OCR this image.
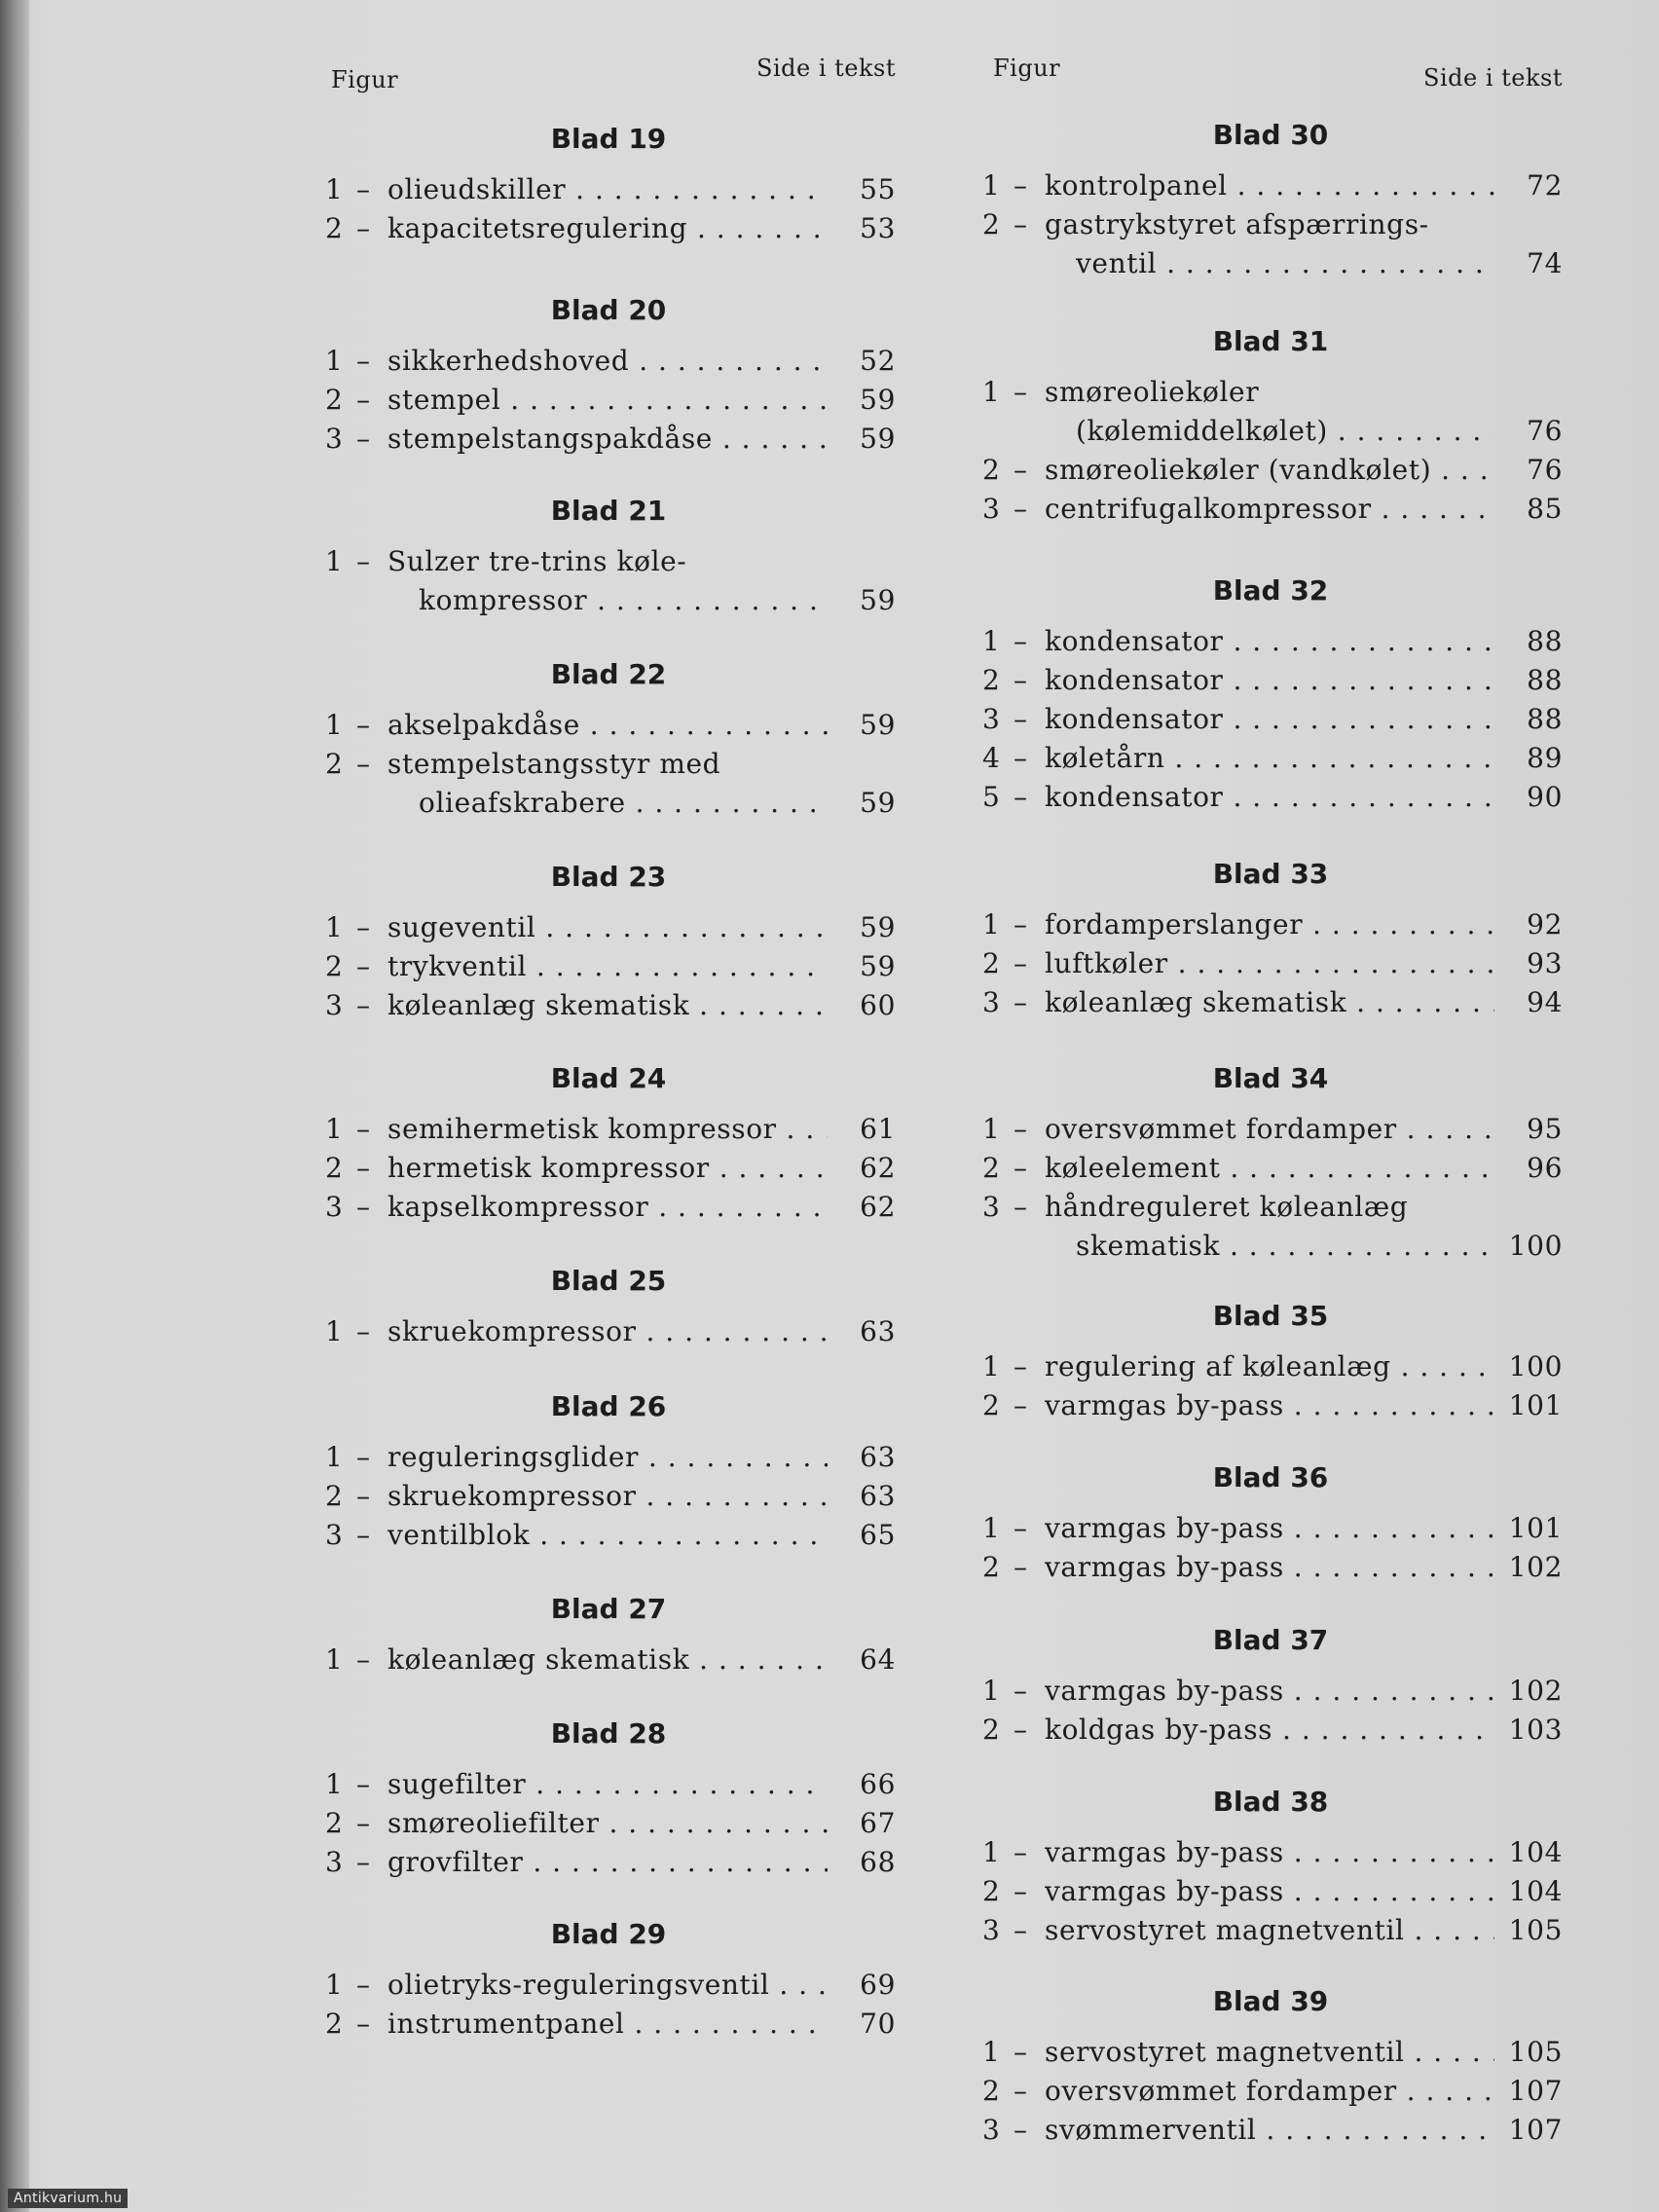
Figur	Side i tekst
Blad 19
1 – olieudskiller . . .	55
2 – kapacitetsregulering . . .	53
Blad 20
1 – sikkerhedshoved . . .	52
2 – stempel . . .	59
3 – stempelstangspakdåse . . .	59
Blad 21
1 – Sulzer tre-trins køle-
kompressor . . .	59
Blad 22
1 – akselpakdåse . . .	59
2 – stempelstangsstyr med
olieafskrabere . . .	59
Blad 23
1 – sugeventil . . .	59
2 – trykventil . . .	59
3 – køleanlæg skematisk . . .	60
Blad 24
1 – semihermetisk kompressor . . .	61
2 – hermetisk kompressor . . .	62
3 – kapselkompressor . . .	62
Blad 25
1 – skruekompressor . . .	63
Blad 26
1 – reguleringsglider . . .	63
2 – skruekompressor . . .	63
3 – ventilblok . . .	65
Blad 27
1 – køleanlæg skematisk . . .	64
Blad 28
1 – sugefilter . . .	66
2 – smøreoliefilter . . .	67
3 – grovfilter . . .	68
Blad 29
1 – olietryks-reguleringsventil . . .	69
2 – instrumentpanel . . .	70
Figur	Side i tekst
Blad 30
1 – kontrolpanel . . .	72
2 – gastrykstyret afspærrings-
ventil . . .	74
Blad 31
1 – smøreoliekøler
(kølemiddelkølet) . . .	76
2 – smøreoliekøler (vandkølet) . . .	76
3 – centrifugalkompressor . . .	85
Blad 32
1 – kondensator . . .	88
2 – kondensator . . .	88
3 – kondensator . . .	88
4 – køletårn . . .	89
5 – kondensator . . .	90
Blad 33
1 – fordamperslanger . . .	92
2 – luftkøler . . .	93
3 – køleanlæg skematisk . . .	94
Blad 34
1 – oversvømmet fordamper . . .	95
2 – køleelement . . .	96
3 – håndreguleret køleanlæg
skematisk . . .	100
Blad 35
1 – regulering af køleanlæg . . .	100
2 – varmgas by-pass . . .	101
Blad 36
1 – varmgas by-pass . . .	101
2 – varmgas by-pass . . .	102
Blad 37
1 – varmgas by-pass . . .	102
2 – koldgas by-pass . . .	103
Blad 38
1 – varmgas by-pass . . .	104
2 – varmgas by-pass . . .	104
3 – servostyret magnetventil . . .	105
Blad 39
1 – servostyret magnetventil . . .	105
2 – oversvømmet fordamper . . .	107
3 – svømmerventil . . .	107
Antikvarium.hu
